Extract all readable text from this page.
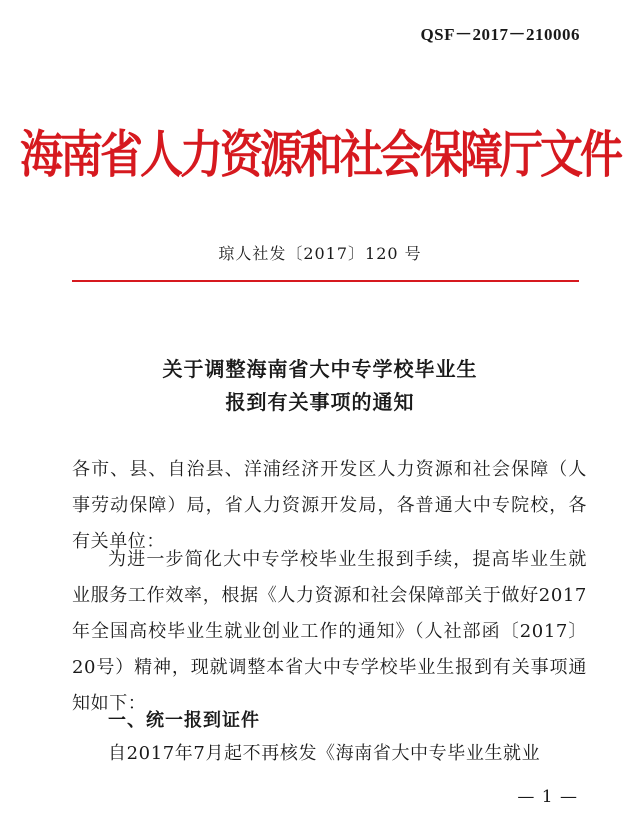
QSF－2017－210006
海南省人力资源和社会保障厅文件
琼人社发〔2017〕120 号
关于调整海南省大中专学校毕业生
报到有关事项的通知

各市、县、自治县、洋浦经济开发区人力资源和社会保障（人事劳动保障）局，省人力资源开发局，各普通大中专院校，各有关单位：

为进一步简化大中专学校毕业生报到手续，提高毕业生就业服务工作效率，根据《人力资源和社会保障部关于做好2017年全国高校毕业生就业创业工作的通知》（人社部函〔2017〕20号）精神，现就调整本省大中专学校毕业生报到有关事项通知如下：

一、统一报到证件

自2017年7月起不再核发《海南省大中专毕业生就业

— 1 —
